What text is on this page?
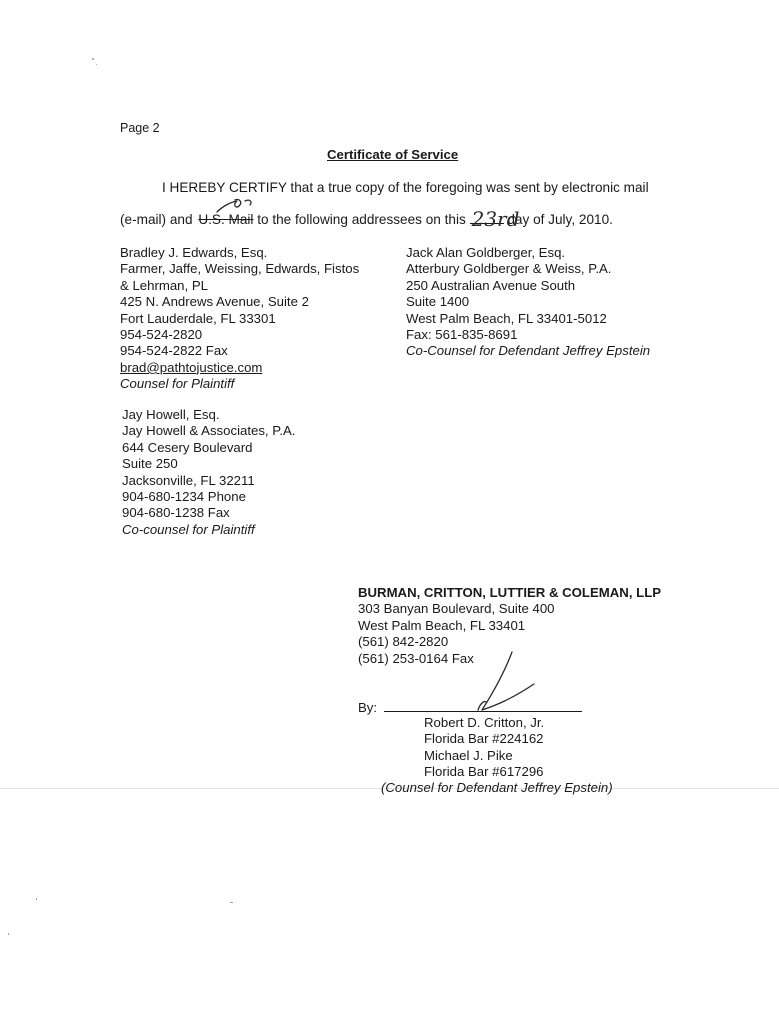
Page 2
Certificate of Service
I HEREBY CERTIFY that a true copy of the foregoing was sent by electronic mail
(e-mail) and U.S. Mail to the following addressees on this 23rd
day of July, 2010.
Bradley J. Edwards, Esq.
Farmer, Jaffe, Weissing, Edwards, Fistos
& Lehrman, PL
425 N. Andrews Avenue, Suite 2
Fort Lauderdale, FL 33301
954-524-2820
954-524-2822 Fax
brad@pathtojustice.com
Counsel for Plaintiff
Jack Alan Goldberger, Esq.
Atterbury Goldberger & Weiss, P.A.
250 Australian Avenue South
Suite 1400
West Palm Beach, FL 33401-5012
Fax: 561-835-8691
Co-Counsel for Defendant Jeffrey Epstein
Jay Howell, Esq.
Jay Howell & Associates, P.A.
644 Cesery Boulevard
Suite 250
Jacksonville, FL 32211
904-680-1234 Phone
904-680-1238 Fax
Co-counsel for Plaintiff
BURMAN, CRITTON, LUTTIER & COLEMAN, LLP
303 Banyan Boulevard, Suite 400
West Palm Beach, FL 33401
(561) 842-2820
(561) 253-0164 Fax
By:
Robert D. Critton, Jr.
Florida Bar #224162
Michael J. Pike
Florida Bar #617296
(Counsel for Defendant Jeffrey Epstein)
